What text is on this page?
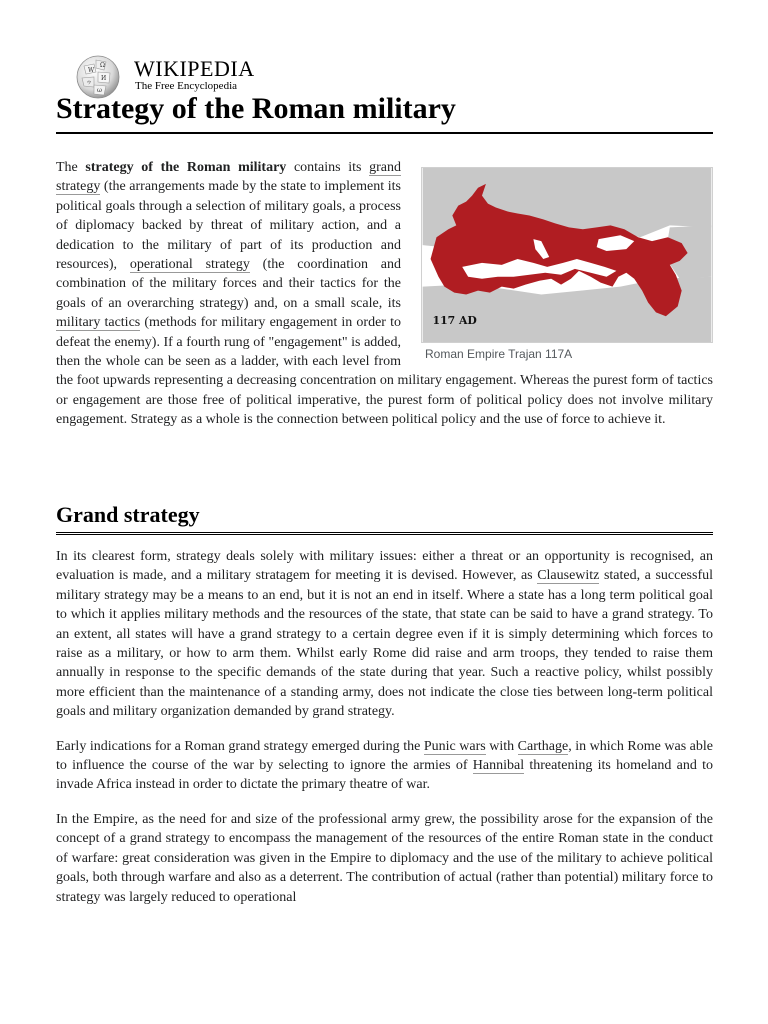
W
Ω
И
ゥ
ω
WIKIPEDIA
The Free Encyclopedia
Strategy of the Roman military
117 AD
Roman Empire Trajan 117A

The strategy of the Roman military contains its grand strategy (the arrangements made by the state to implement its political goals through a selection of military goals, a process of diplomacy backed by threat of military action, and a dedication to the military of part of its production and resources), operational strategy (the coordination and combination of the military forces and their tactics for the goals of an overarching strategy) and, on a small scale, its military tactics (methods for military engagement in order to defeat the enemy). If a fourth rung of "engagement" is added, then the whole can be seen as a ladder, with each level from the foot upwards representing a decreasing concentration on military engagement. Whereas the purest form of tactics or engagement are those free of political imperative, the purest form of political policy does not involve military engagement. Strategy as a whole is the connection between political policy and the use of force to achieve it.

Grand strategy

In its clearest form, strategy deals solely with military issues: either a threat or an opportunity is recognised, an evaluation is made, and a military stratagem for meeting it is devised. However, as Clausewitz stated, a successful military strategy may be a means to an end, but it is not an end in itself. Where a state has a long term political goal to which it applies military methods and the resources of the state, that state can be said to have a grand strategy. To an extent, all states will have a grand strategy to a certain degree even if it is simply determining which forces to raise as a military, or how to arm them. Whilst early Rome did raise and arm troops, they tended to raise them annually in response to the specific demands of the state during that year. Such a reactive policy, whilst possibly more efficient than the maintenance of a standing army, does not indicate the close ties between long-term political goals and military organization demanded by grand strategy.

Early indications for a Roman grand strategy emerged during the Punic wars with Carthage, in which Rome was able to influence the course of the war by selecting to ignore the armies of Hannibal threatening its homeland and to invade Africa instead in order to dictate the primary theatre of war.

In the Empire, as the need for and size of the professional army grew, the possibility arose for the expansion of the concept of a grand strategy to encompass the management of the resources of the entire Roman state in the conduct of warfare: great consideration was given in the Empire to diplomacy and the use of the military to achieve political goals, both through warfare and also as a deterrent. The contribution of actual (rather than potential) military force to strategy was largely reduced to operational
